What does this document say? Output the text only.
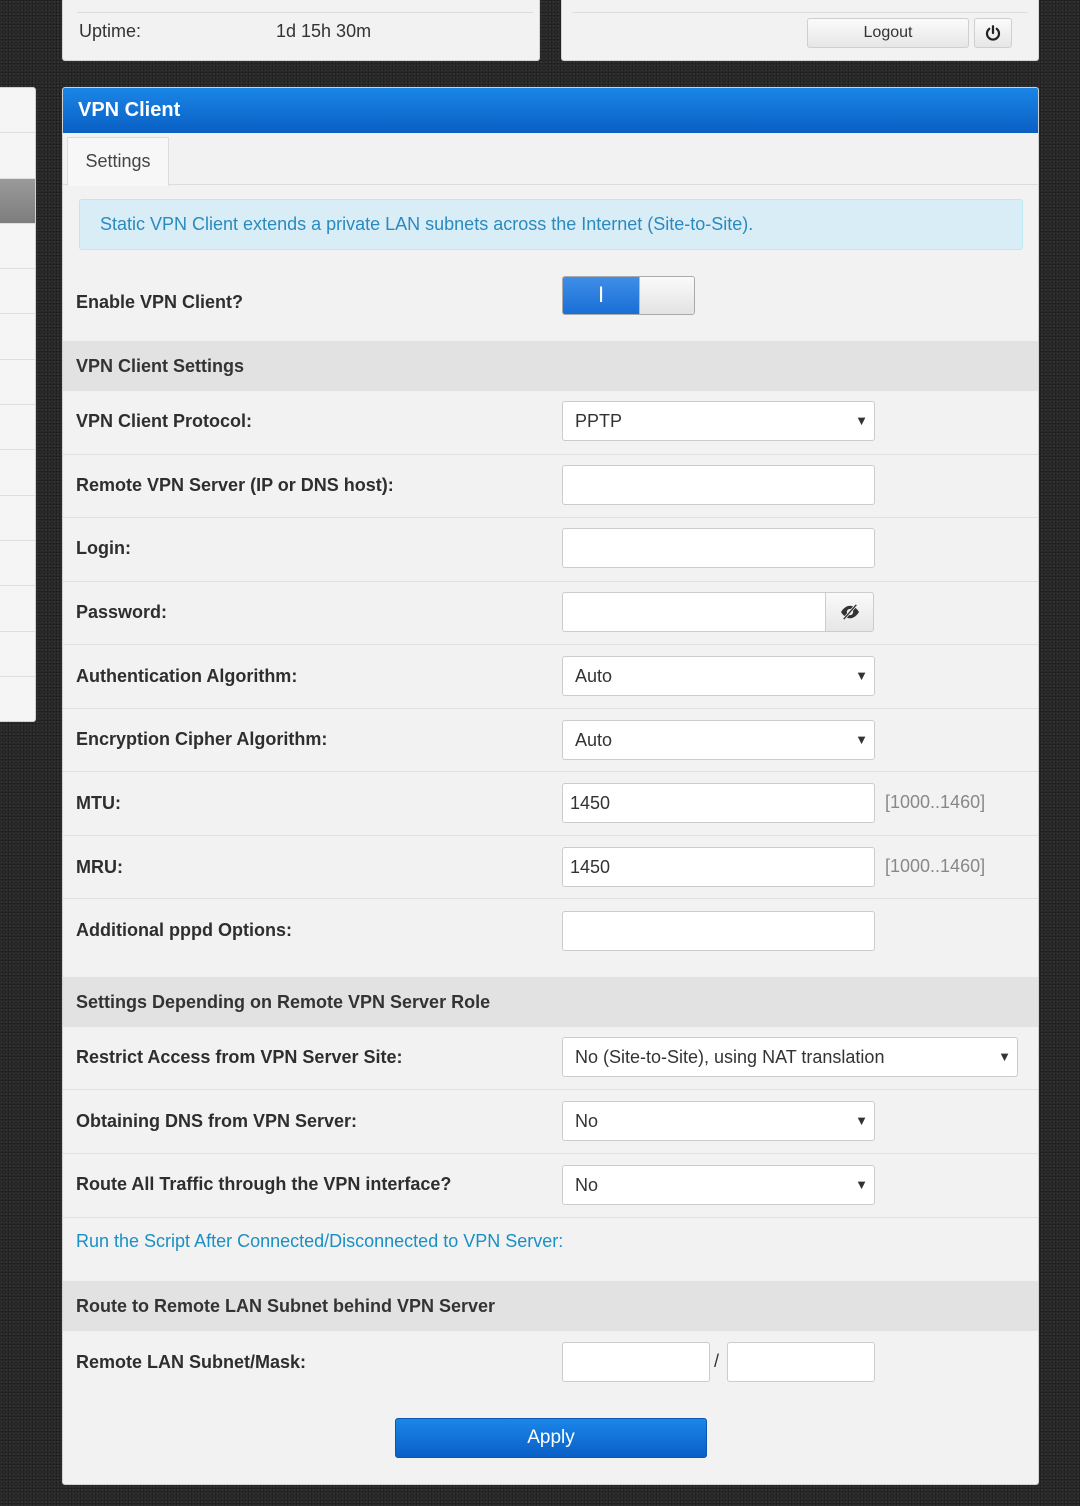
Uptime:	1d 15h 30m	Logout
VPN Client
Settings
Static VPN Client extends a private LAN subnets across the Internet (Site-to-Site).
Enable VPN Client?	I
VPN Client Settings
VPN Client Protocol:	PPTP	▼
Remote VPN Server (IP or DNS host):
Login:
Password:
Authentication Algorithm:	Auto	▼
Encryption Cipher Algorithm:	Auto	▼
MTU:	1450	[1000..1460]
MRU:	1450	[1000..1460]
Additional pppd Options:
Settings Depending on Remote VPN Server Role
Restrict Access from VPN Server Site:	No (Site-to-Site), using NAT translation	▼
Obtaining DNS from VPN Server:	No	▼
Route All Traffic through the VPN interface?	No	▼
Run the Script After Connected/Disconnected to VPN Server:
Route to Remote LAN Subnet behind VPN Server
Remote LAN Subnet/Mask:	/
Apply
